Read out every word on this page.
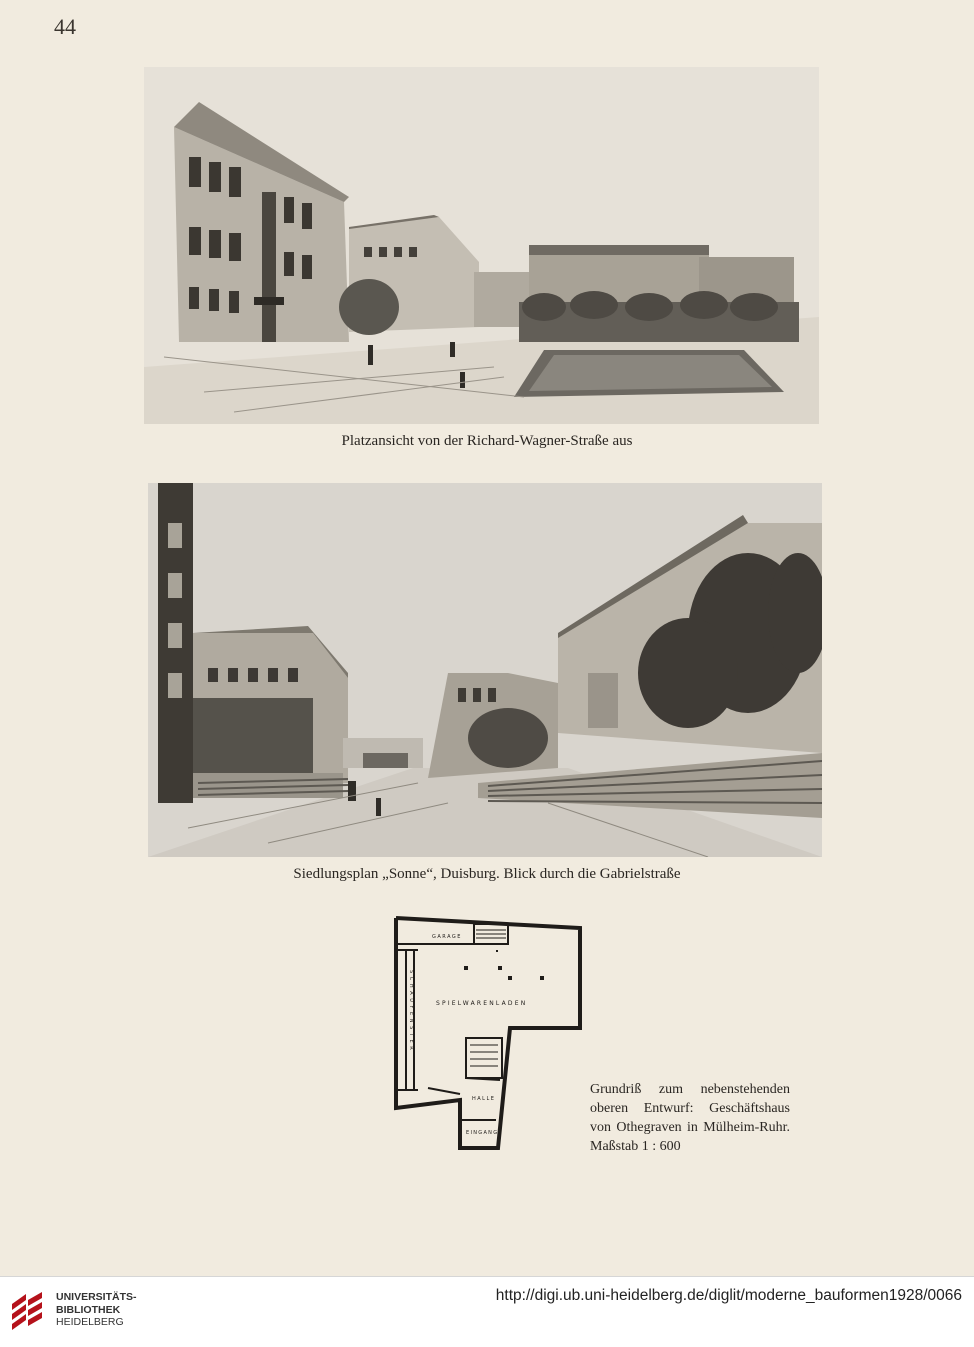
44
Platzansicht von der Richard-Wagner-Straße aus
Siedlungsplan „Sonne“, Duisburg. Blick durch die Gabrielstraße
GARAGE
SPIELWARENLADEN
SCHAUFENSTER
HALLE
EINGANG
Grundriß zum nebenstehenden oberen Entwurf: Geschäftshaus von Othegraven in Mülheim-Ruhr. Maßstab 1 : 600
UNIVERSITÄTS-
BIBLIOTHEK
HEIDELBERG
http://digi.ub.uni-heidelberg.de/diglit/moderne_bauformen1928/0066
